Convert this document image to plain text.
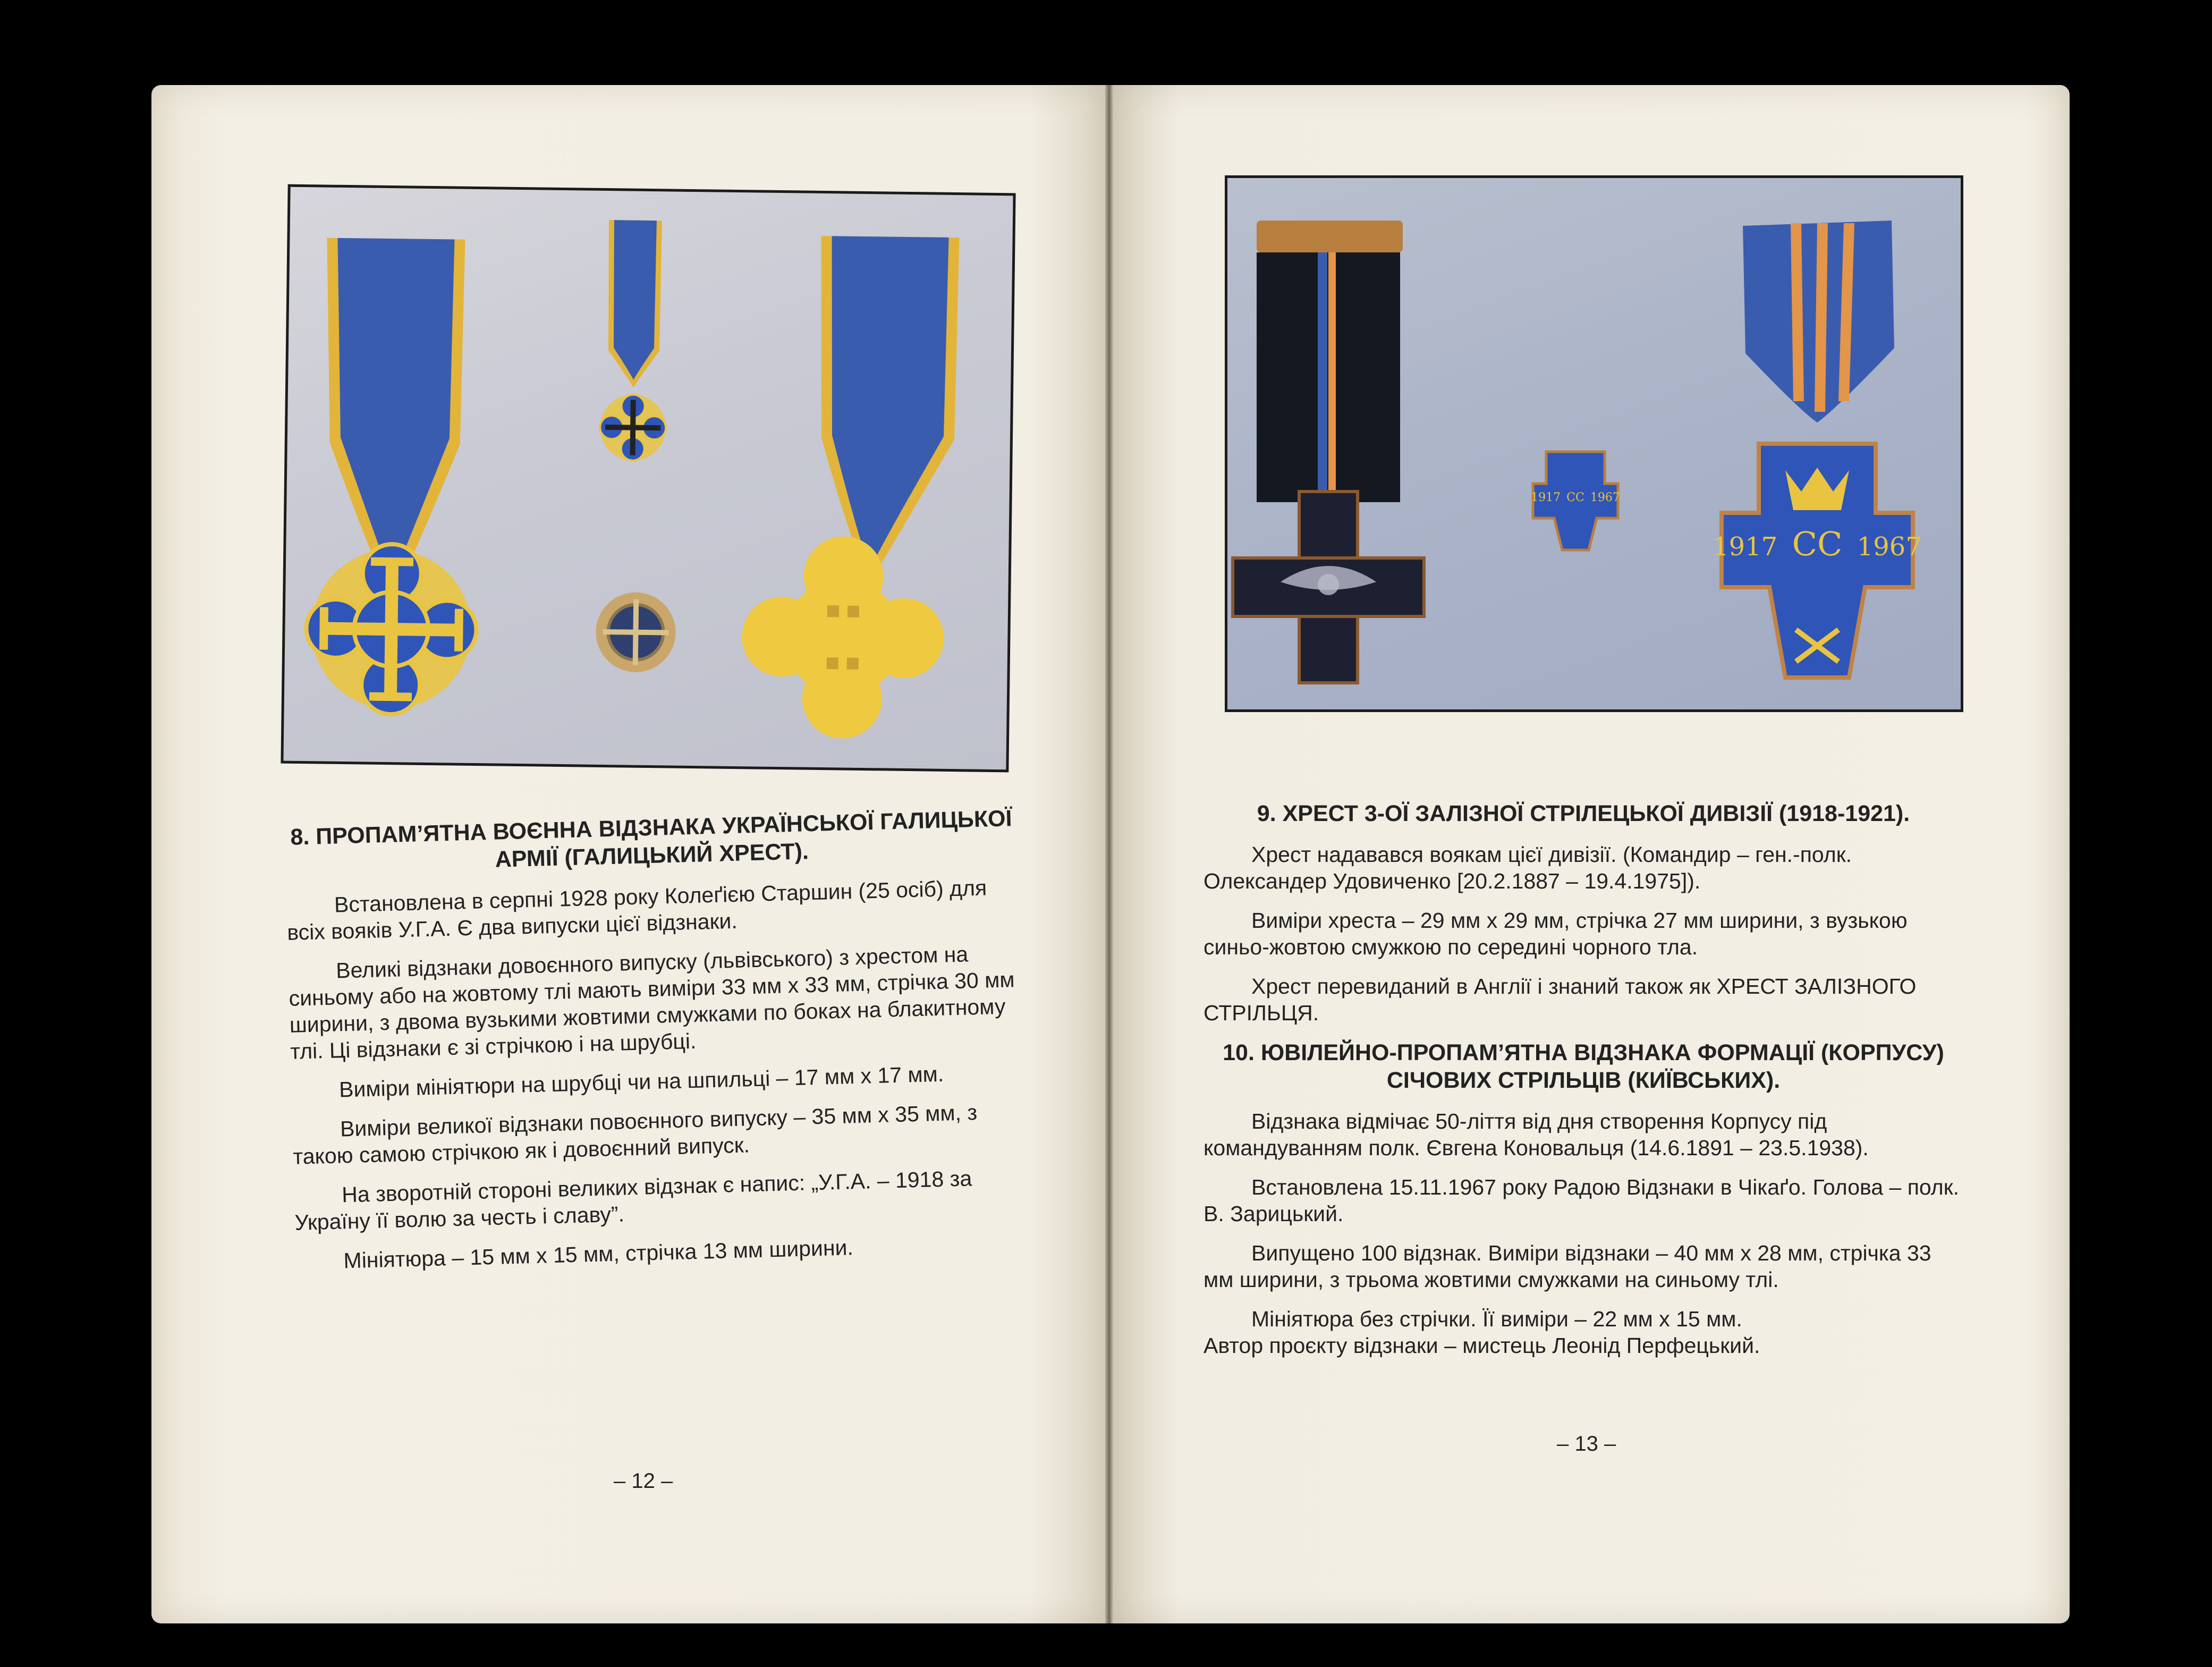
8. ПРОПАМ’ЯТНА ВОЄННА ВІДЗНАКА УКРАЇНСЬКОЇ ГАЛИЦЬКОЇ АРМІЇ (ГАЛИЦЬКИЙ ХРЕСТ).

Встановлена в серпні 1928 року Колеґією Старшин (25 осіб) для всіх вояків У.Г.А. Є два випуски цієї відзнаки.

Великі відзнаки довоєнного випуску (львівського) з хрестом на синьому або на жовтому тлі мають виміри 33 мм х 33 мм, стрічка 30 мм ширини, з двома вузькими жовтими смужками по боках на блакитному тлі. Ці відзнаки є зі стрічкою і на шрубці.

Виміри мініятюри на шрубці чи на шпильці – 17 мм х 17 мм.

Виміри великої відзнаки повоєнного випуску – 35 мм х 35 мм, з такою самою стрічкою як і довоєнний випуск.

На зворотній стороні великих відзнак є напис: „У.Г.А. – 1918 за Україну її волю за честь і славу”.

Мініятюра – 15 мм х 15 мм, стрічка 13 мм ширини.

– 12 –
1917 СС 1967
1917 СС 1967
9. ХРЕСТ 3-ОЇ ЗАЛІЗНОЇ СТРІЛЕЦЬКОЇ ДИВІЗІЇ (1918-1921).

Хрест надавався воякам цієї дивізії. (Командир – ген.-полк. Олександер Удовиченко [20.2.1887 – 19.4.1975]).

Виміри хреста – 29 мм х 29 мм, стрічка 27 мм ширини, з вузькою синьо-жовтою смужкою по середині чорного тла.

Хрест перевиданий в Англії і знаний також як ХРЕСТ ЗАЛІЗНОГО СТРІЛЬЦЯ.

10. ЮВІЛЕЙНО-ПРОПАМ’ЯТНА ВІДЗНАКА ФОРМАЦІЇ (КОРПУСУ) СІЧОВИХ СТРІЛЬЦІВ (КИЇВСЬКИХ).

Відзнака відмічає 50-ліття від дня створення Корпусу під командуванням полк. Євгена Коновальця (14.6.1891 – 23.5.1938).

Встановлена 15.11.1967 року Радою Відзнаки в Чікаґо. Голова – полк. В. Зарицький.

Випущено 100 відзнак. Виміри відзнаки – 40 мм х 28 мм, стрічка 33 мм ширини, з трьома жовтими смужками на синьому тлі.

Мініятюра без стрічки. Її виміри – 22 мм х 15 мм.

Автор проєкту відзнаки – мистець Леонід Перфецький.

– 13 –
